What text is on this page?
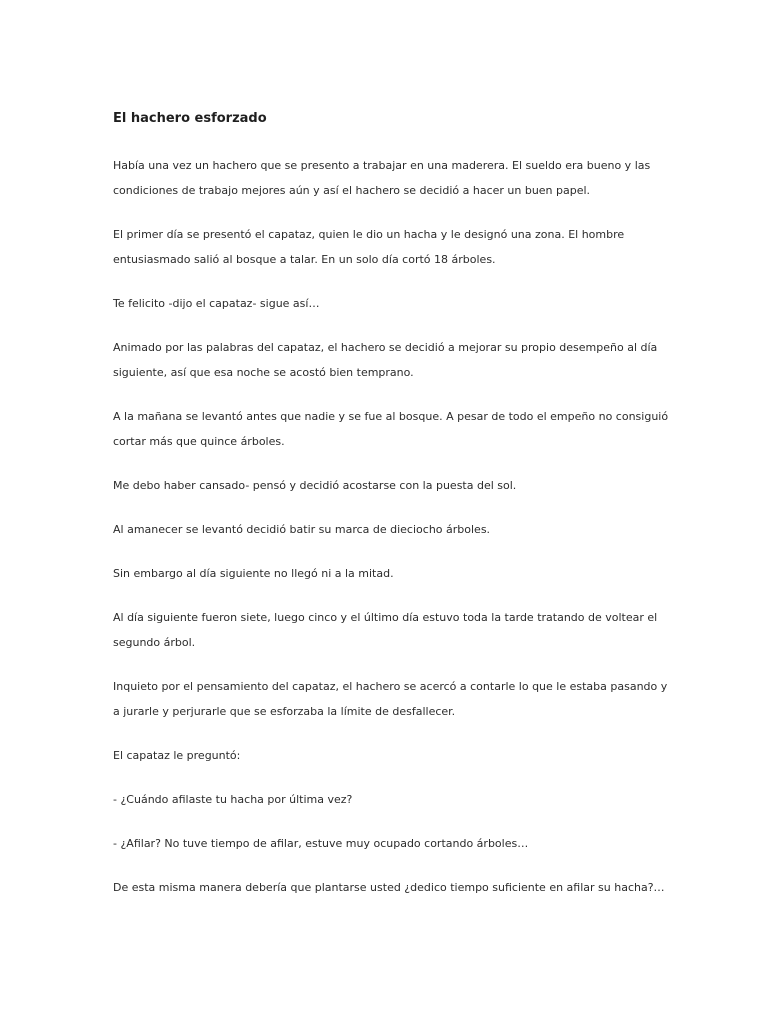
El hachero esforzado

Había una vez un hachero que se presento a trabajar en una maderera. El sueldo era bueno y las condiciones de trabajo mejores aún y así el hachero se decidió a hacer un buen papel.

El primer día se presentó el capataz, quien le dio un hacha y le designó una zona. El hombre entusiasmado salió al bosque a talar. En un solo día cortó 18 árboles.

Te felicito -dijo el capataz- sigue así…

Animado por las palabras del capataz, el hachero se decidió a mejorar su propio desempeño al día siguiente, así que esa noche se acostó bien temprano.

A la mañana se levantó antes que nadie y se fue al bosque. A pesar de todo el empeño no consiguió cortar más que quince árboles.

Me debo haber cansado- pensó y decidió acostarse con la puesta del sol.

Al amanecer se levantó decidió batir su marca de dieciocho árboles.

Sin embargo al día siguiente no llegó ni a la mitad.

Al día siguiente fueron siete, luego cinco y el último día estuvo toda la tarde tratando de voltear el segundo árbol.

Inquieto por el pensamiento del capataz, el hachero se acercó a contarle lo que le estaba pasando y a jurarle y perjurarle que se esforzaba la límite de desfallecer.

El capataz le preguntó:

- ¿Cuándo afilaste tu hacha por última vez?

- ¿Afilar? No tuve tiempo de afilar, estuve muy ocupado cortando árboles…

De esta misma manera debería que plantarse usted ¿dedico tiempo suficiente en afilar su hacha?…
